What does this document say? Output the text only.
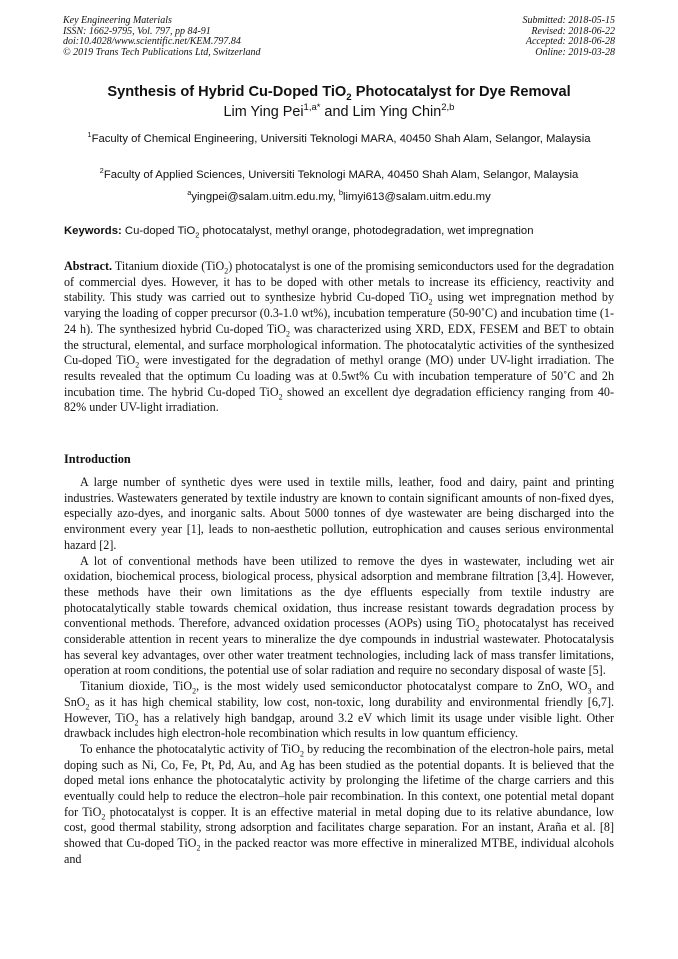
Key Engineering Materials
ISSN: 1662-9795, Vol. 797, pp 84-91
doi:10.4028/www.scientific.net/KEM.797.84
© 2019 Trans Tech Publications Ltd, Switzerland
Submitted: 2018-05-15
Revised: 2018-06-22
Accepted: 2018-06-28
Online: 2019-03-28
Synthesis of Hybrid Cu-Doped TiO$_2$ Photocatalyst for Dye Removal
Lim Ying Pei$^{1,a*}$ and Lim Ying Chin$^{2,b}$
$^1$Faculty of Chemical Engineering, Universiti Teknologi MARA, 40450 Shah Alam, Selangor, Malaysia
$^2$Faculty of Applied Sciences, Universiti Teknologi MARA, 40450 Shah Alam, Selangor, Malaysia
$^a$yingpei@salam.uitm.edu.my, $^b$limyi613@salam.uitm.edu.my
Keywords: Cu-doped TiO$_2$ photocatalyst, methyl orange, photodegradation, wet impregnation
Abstract. Titanium dioxide (TiO$_2$) photocatalyst is one of the promising semiconductors used for the degradation of commercial dyes. However, it has to be doped with other metals to increase its efficiency, reactivity and stability. This study was carried out to synthesize hybrid Cu-doped TiO$_2$ using wet impregnation method by varying the loading of copper precursor (0.3-1.0 wt%), incubation temperature (50-90˚C) and incubation time (1-24 h). The synthesized hybrid Cu-doped TiO$_2$ was characterized using XRD, EDX, FESEM and BET to obtain the structural, elemental, and surface morphological information. The photocatalytic activities of the synthesized Cu-doped TiO$_2$ were investigated for the degradation of methyl orange (MO) under UV-light irradiation. The results revealed that the optimum Cu loading was at 0.5wt% Cu with incubation temperature of 50˚C and 2h incubation time. The hybrid Cu-doped TiO$_2$ showed an excellent dye degradation efficiency ranging from 40-82% under UV-light irradiation.
Introduction

A large number of synthetic dyes were used in textile mills, leather, food and dairy, paint and printing industries. Wastewaters generated by textile industry are known to contain significant amounts of non-fixed dyes, especially azo-dyes, and inorganic salts. About 5000 tonnes of dye wastewater are being discharged into the environment every year [1], leads to non-aesthetic pollution, eutrophication and causes serious environmental hazard [2].

A lot of conventional methods have been utilized to remove the dyes in wastewater, including wet air oxidation, biochemical process, biological process, physical adsorption and membrane filtration [3,4]. However, these methods have their own limitations as the dye effluents especially from textile industry are photocatalytically stable towards chemical oxidation, thus increase resistant towards degradation process by conventional methods. Therefore, advanced oxidation processes (AOPs) using TiO$_2$ photocatalyst has received considerable attention in recent years to mineralize the dye compounds in industrial wastewater. Photocatalysis has several key advantages, over other water treatment technologies, including lack of mass transfer limitations, operation at room conditions, the potential use of solar radiation and require no secondary disposal of waste [5].

Titanium dioxide, TiO$_2$, is the most widely used semiconductor photocatalyst compare to ZnO, $WO_3$ and SnO$_2$ as it has high chemical stability, low cost, non-toxic, long durability and environmental friendly [6,7]. However, TiO$_2$ has a relatively high bandgap, around 3.2 eV which limit its usage under visible light. Other drawback includes high electron-hole recombination which results in low quantum efficiency.

To enhance the photocatalytic activity of TiO$_2$ by reducing the recombination of the electron-hole pairs, metal doping such as Ni, Co, Fe, Pt, Pd, Au, and Ag has been studied as the potential dopants. It is believed that the doped metal ions enhance the photocatalytic activity by prolonging the lifetime of the charge carriers and this eventually could help to reduce the electron–hole pair recombination. In this context, one potential metal dopant for TiO$_2$ photocatalyst is copper. It is an effective material in metal doping due to its relative abundance, low cost, good thermal stability, strong adsorption and facilitates charge separation. For an instant, Araña et al. [8] showed that Cu-doped TiO$_2$ in the packed reactor was more effective in mineralized MTBE, individual alcohols and
